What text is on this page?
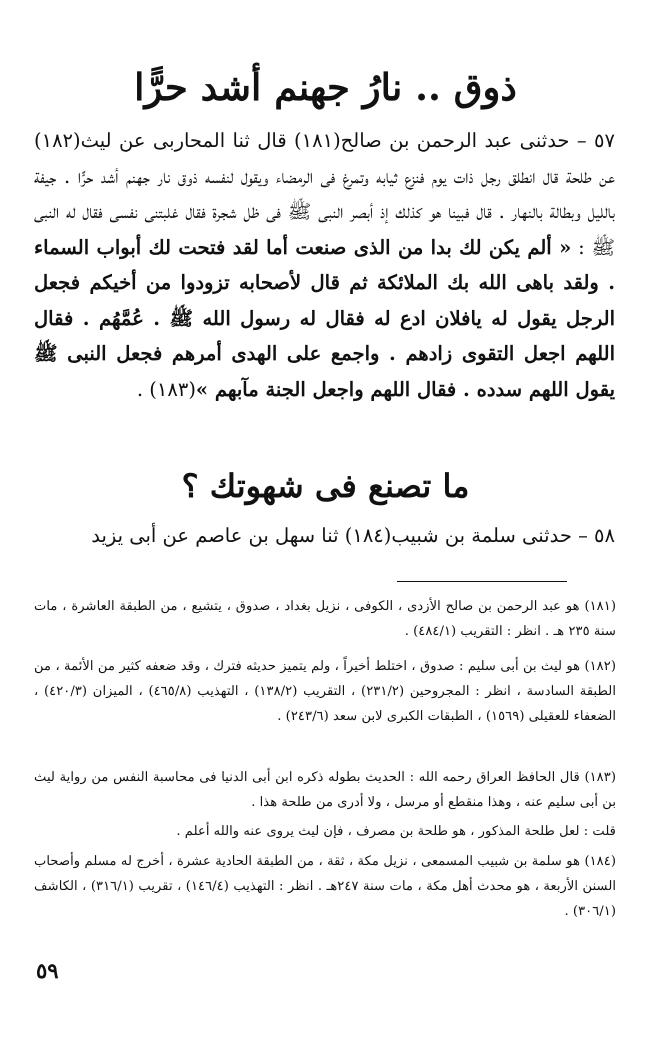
ذوق .. نارُ جهنم أشد حرًّا

٥٧ – حدثنى عبد الرحمن بن صالح(١٨١) قال ثنا المحاربى عن ليث(١٨٢) عن طلحة قال انطلق رجل ذات يوم فنزع ثيابه وتمرغ فى الرمضاء ويقول لنفسه ذوق نار جهنم أشد حرًّا . جيفة بالليل وبطالة بالنهار . قال فبينا هو كذلك إذ أبصر النبى ﷺ فى ظل شجرة فقال غلبتنى نفسى فقال له النبى ﷺ : « ألم يكن لك بدا من الذى صنعت أما لقد فتحت لك أبواب السماء . ولقد باهى الله بك الملائكة ثم قال لأصحابه تزودوا من أخيكم فجعل الرجل يقول له يافلان ادع له فقال له رسول الله ﷺ . عُمَّهُم . فقال اللهم اجعل التقوى زادهم . واجمع على الهدى أمرهم فجعل النبى ﷺ يقول اللهم سدده . فقال اللهم واجعل الجنة مآبهم »(١٨٣) .

ما تصنع فى شهوتك ؟

٥٨ – حدثنى سلمة بن شبيب(١٨٤) ثنا سهل بن عاصم عن أبى يزيد

(١٨١) هو عبد الرحمن بن صالح الأزدى ، الكوفى ، نزيل بغداد ، صدوق ، يتشيع ، من الطبقة العاشرة ، مات سنة ٢٣٥ هـ . انظر : التقريب (٤٨٤/١) .

(١٨٢) هو ليث بن أبى سليم : صدوق ، اختلط أخيراً ، ولم يتميز حديثه فترك ، وقد ضعفه كثير من الأئمة ، من الطبقة السادسة ، انظر : المجروحين (٢٣١/٢) ، التقريب (١٣٨/٢) ، التهذيب (٤٦٥/٨) ، الميزان (٤٢٠/٣) ، الضعفاء للعقيلى (١٥٦٩) ، الطبقات الكبرى لابن سعد (٢٤٣/٦) .

(١٨٣) قال الحافظ العراق رحمه الله : الحديث بطوله ذكره ابن أبى الدنيا فى محاسبة النفس من رواية ليث بن أبى سليم عنه ، وهذا منقطع أو مرسل ، ولا أدرى من طلحة هذا .

قلت : لعل طلحة المذكور ، هو طلحة بن مصرف ، فإن ليث يروى عنه والله أعلم .

(١٨٤) هو سلمة بن شبيب المسمعى ، نزيل مكة ، ثقة ، من الطبقة الحادية عشرة ، أخرج له مسلم وأصحاب السنن الأربعة ، هو محدث أهل مكة ، مات سنة ٢٤٧هـ . انظر : التهذيب (١٤٦/٤) ، تقريب (٣١٦/١) ، الكاشف (٣٠٦/١) .

٥٩
